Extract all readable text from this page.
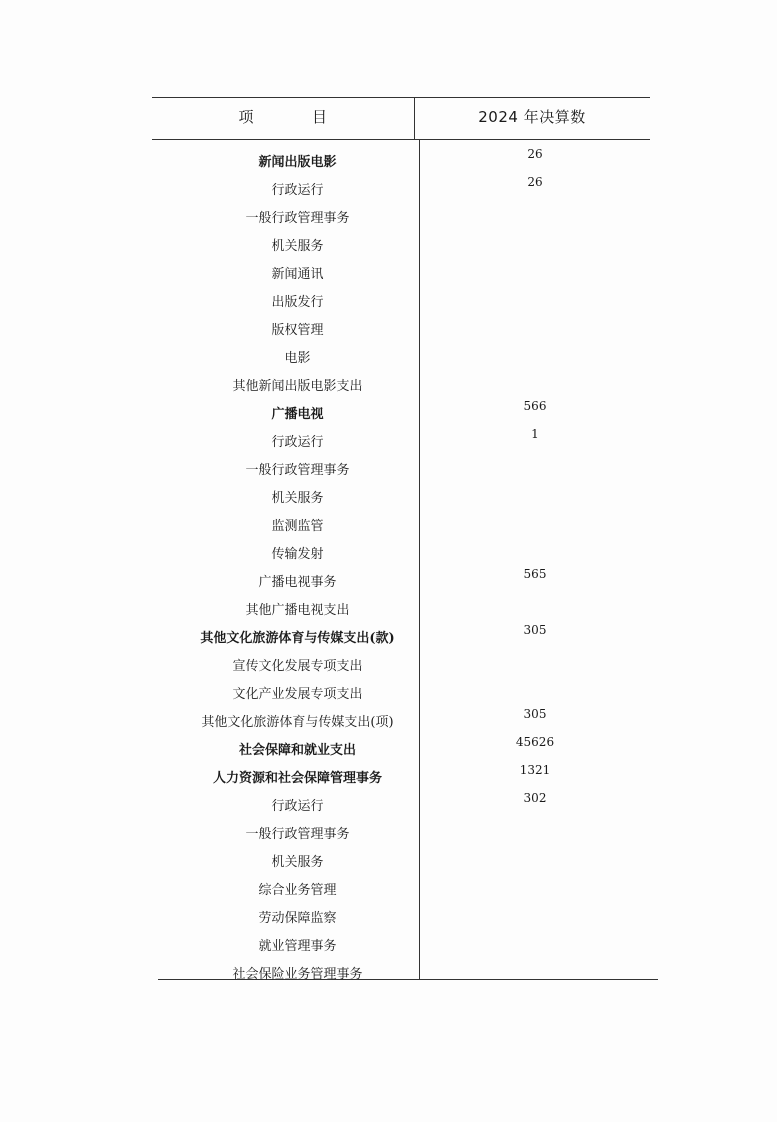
项	目	2024 年决算数
新闻出版电影
26
行政运行
26
一般行政管理事务
机关服务
新闻通讯
出版发行
版权管理
电影
其他新闻出版电影支出
广播电视
566
行政运行
1
一般行政管理事务
机关服务
监测监管
传输发射
广播电视事务
565
其他广播电视支出
其他文化旅游体育与传媒支出(款)
305
宣传文化发展专项支出
文化产业发展专项支出
其他文化旅游体育与传媒支出(项)
305
社会保障和就业支出
45626
人力资源和社会保障管理事务
1321
行政运行
302
一般行政管理事务
机关服务
综合业务管理
劳动保障监察
就业管理事务
社会保险业务管理事务
